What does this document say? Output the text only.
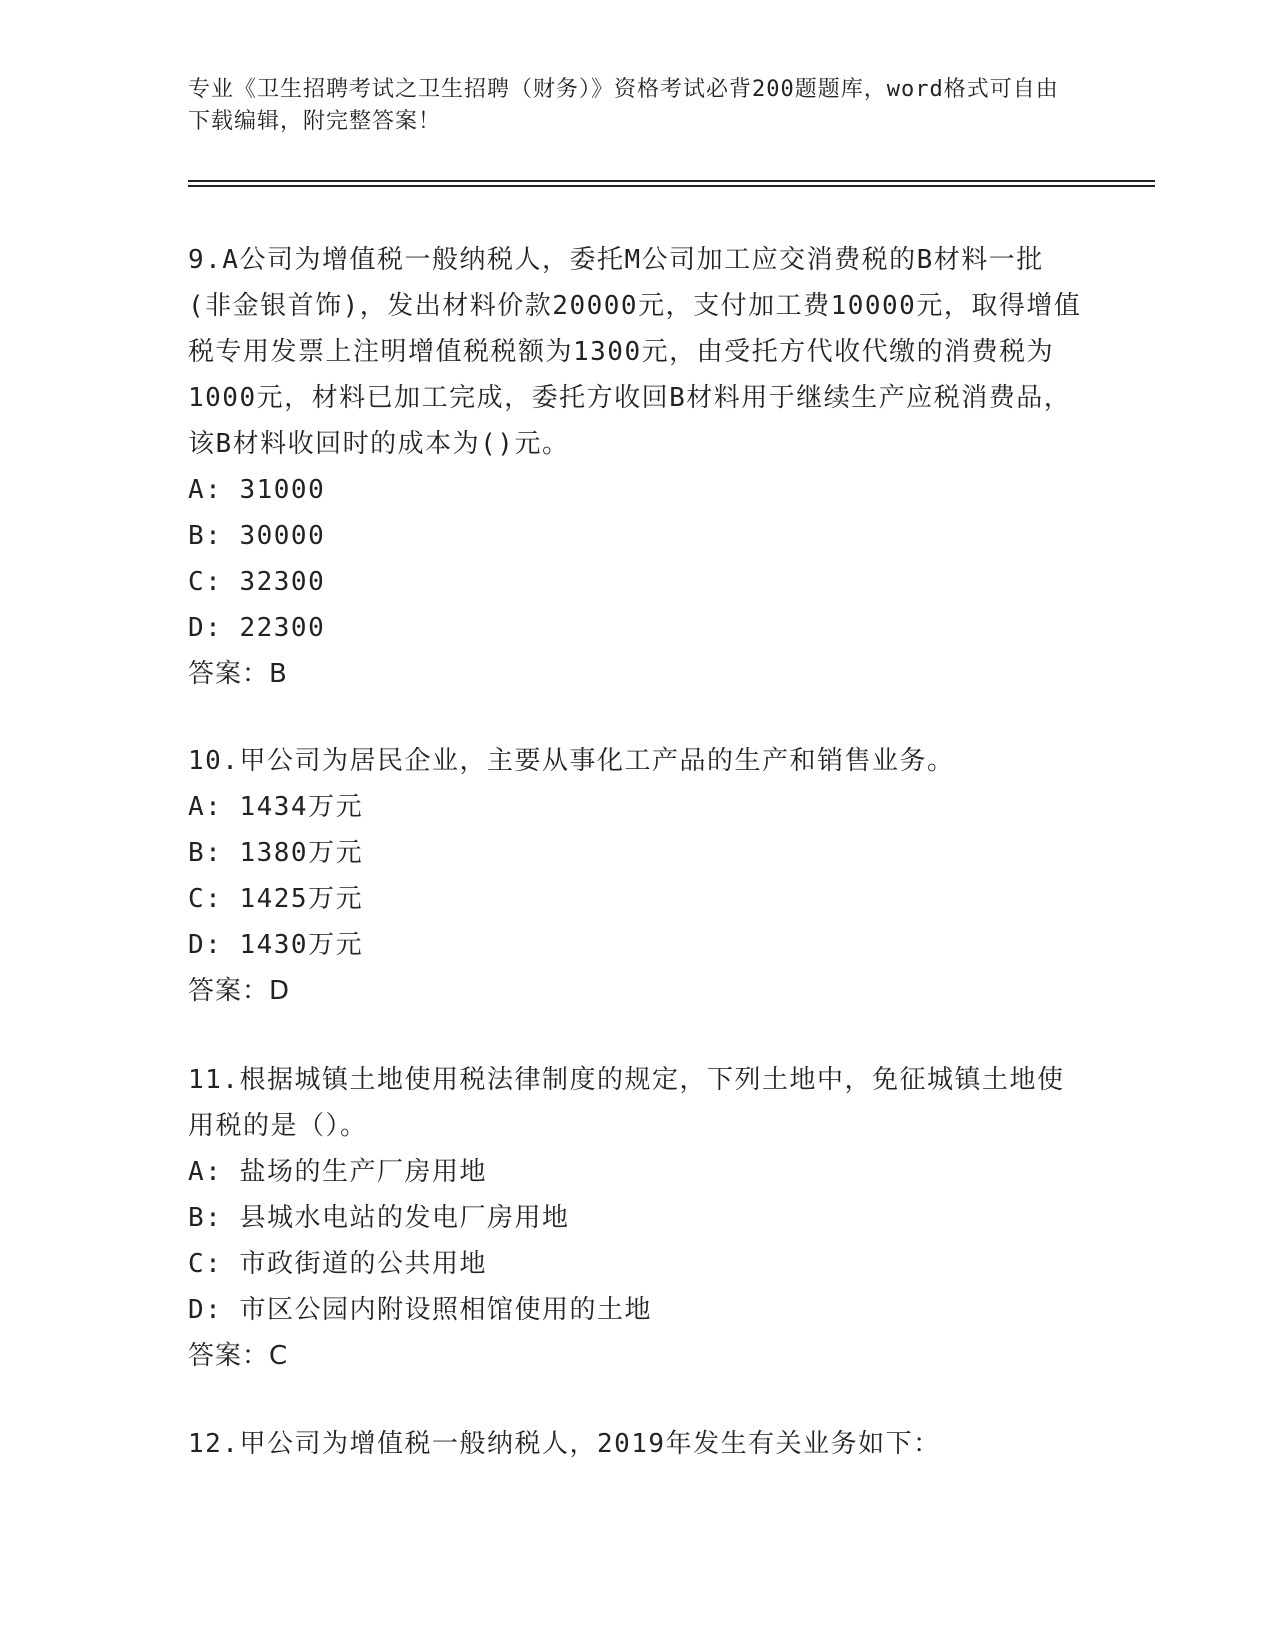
专业《卫生招聘考试之卫生招聘（财务）》资格考试必背200题题库，word格式可自由下载编辑，附完整答案！
9.A公司为增值税一般纳税人，委托M公司加工应交消费税的B材料一批(非金银首饰)，发出材料价款20000元，支付加工费10000元，取得增值税专用发票上注明增值税税额为1300元，由受托方代收代缴的消费税为1000元，材料已加工完成，委托方收回B材料用于继续生产应税消费品，该B材料收回时的成本为()元。
A: 31000
B: 30000
C: 32300
D: 22300
答案：B
10.甲公司为居民企业，主要从事化工产品的生产和销售业务。
A: 1434万元
B: 1380万元
C: 1425万元
D: 1430万元
答案：D
11.根据城镇土地使用税法律制度的规定，下列土地中，免征城镇土地使用税的是（）。
A: 盐场的生产厂房用地
B: 县城水电站的发电厂房用地
C: 市政街道的公共用地
D: 市区公园内附设照相馆使用的土地
答案：C
12.甲公司为增值税一般纳税人，2019年发生有关业务如下：
